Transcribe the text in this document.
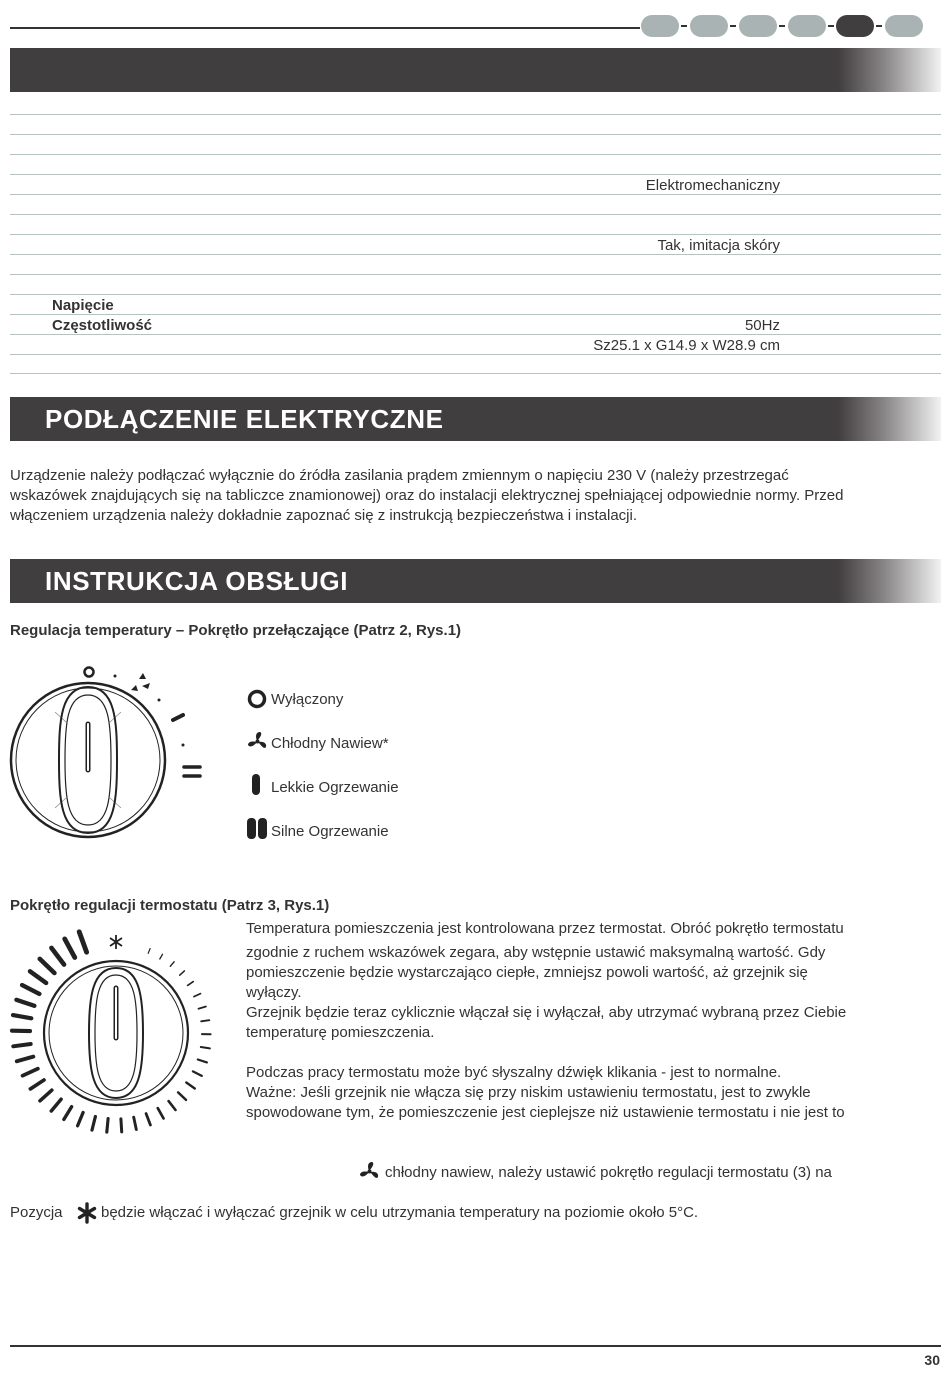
Elektromechaniczny
Tak, imitacja skóry
Napięcie
Częstotliwość	50Hz
Sz25.1 x G14.9 x W28.9 cm
PODŁĄCZENIE ELEKTRYCZNE
Urządzenie należy podłączać wyłącznie do źródła zasilania prądem zmiennym o napięciu 230 V (należy przestrzegać
wskazówek znajdujących się na tabliczce znamionowej) oraz do instalacji elektrycznej spełniającej odpowiednie normy. Przed
włączeniem urządzenia należy dokładnie zapoznać się z instrukcją bezpieczeństwa i instalacji.
INSTRUKCJA OBSŁUGI
Regulacja temperatury – Pokrętło przełączające (Patrz 2, Rys.1)
Wyłączony
Chłodny Nawiew*
Lekkie Ogrzewanie
Silne Ogrzewanie
Pokrętło regulacji termostatu (Patrz 3, Rys.1)
Temperatura pomieszczenia jest kontrolowana przez termostat. Obróć pokrętło termostatu
zgodnie z ruchem wskazówek zegara, aby wstępnie ustawić maksymalną wartość. Gdy
pomieszczenie będzie wystarczająco ciepłe, zmniejsz powoli wartość, aż grzejnik się
wyłączy.
Grzejnik będzie teraz cyklicznie włączał się i wyłączał, aby utrzymać wybraną przez Ciebie
temperaturę pomieszczenia.
Podczas pracy termostatu może być słyszalny dźwięk klikania - jest to normalne.
Ważne: Jeśli grzejnik nie włącza się przy niskim ustawieniu termostatu, jest to zwykle
spowodowane tym, że pomieszczenie jest cieplejsze niż ustawienie termostatu i nie jest to
chłodny nawiew, należy ustawić pokrętło regulacji termostatu (3) na
Pozycja	będzie włączać i wyłączać grzejnik w celu utrzymania temperatury na poziomie około 5°C.
30
